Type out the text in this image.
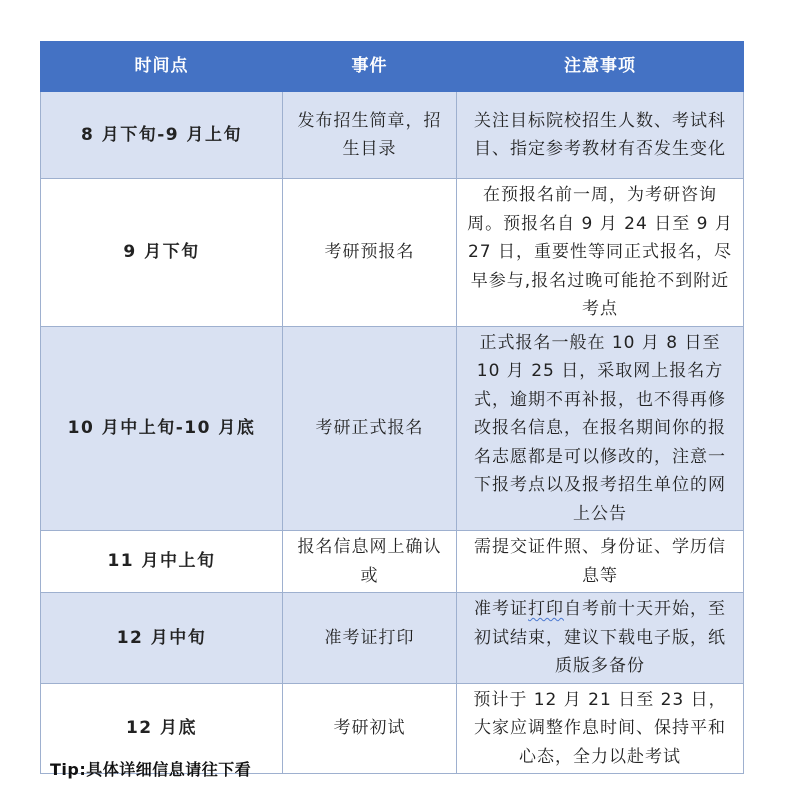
时间点	事件	注意事项
8 月下旬-9 月上旬	发布招生简章，招生目录	关注目标院校招生人数、考试科目、指定参考教材有否发生变化
9 月下旬	考研预报名	在预报名前一周，为考研咨询周。预报名自 9 月 24 日至 9 月 27 日，重要性等同正式报名，尽早参与,报名过晚可能抢不到附近考点
10 月中上旬-10 月底	考研正式报名	正式报名一般在 10 月 8 日至 10 月 25 日，采取网上报名方式，逾期不再补报，也不得再修改报名信息，在报名期间你的报名志愿都是可以修改的，注意一下报考点以及报考招生单位的网上公告
11 月中上旬	报名信息网上确认或	需提交证件照、身份证、学历信息等
12 月中旬	准考证打印	准考证打印自考前十天开始，至初试结束，建议下载电子版，纸质版多备份
12 月底	考研初试	预计于 12 月 21 日至 23 日，大家应调整作息时间、保持平和心态，全力以赴考试
Tip:具体详细信息请往下看
